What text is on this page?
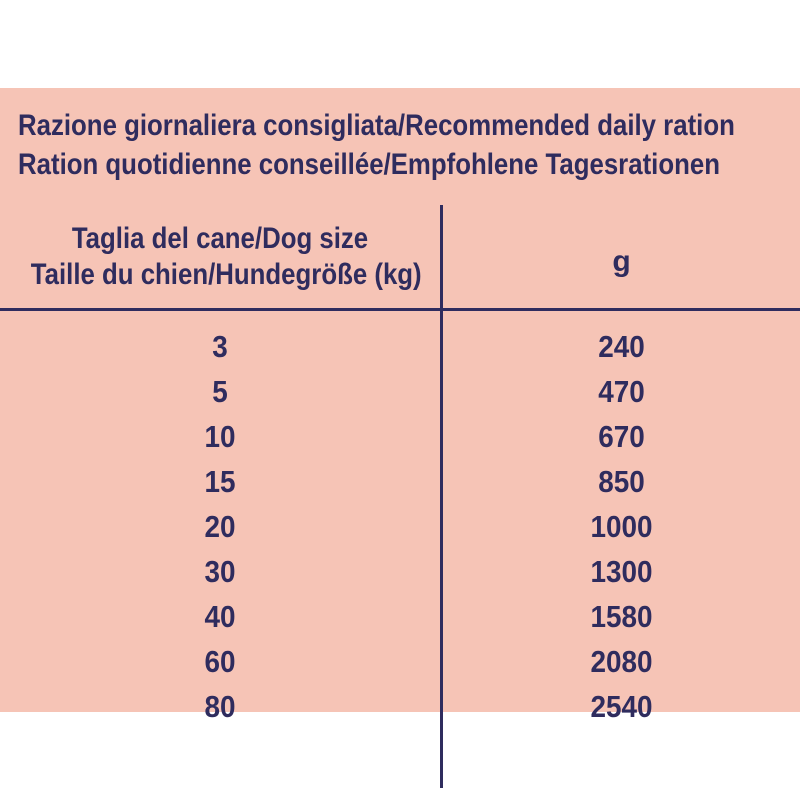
Razione giornaliera consigliata/Recommended daily ration
Ration quotidienne conseillée/Empfohlene Tagesrationen
Taglia del cane/Dog size
Taille du chien/Hundegröße (kg)	g
3
5
10
15
20
30
40
60
80
240
470
670
850
1000
1300
1580
2080
2540
